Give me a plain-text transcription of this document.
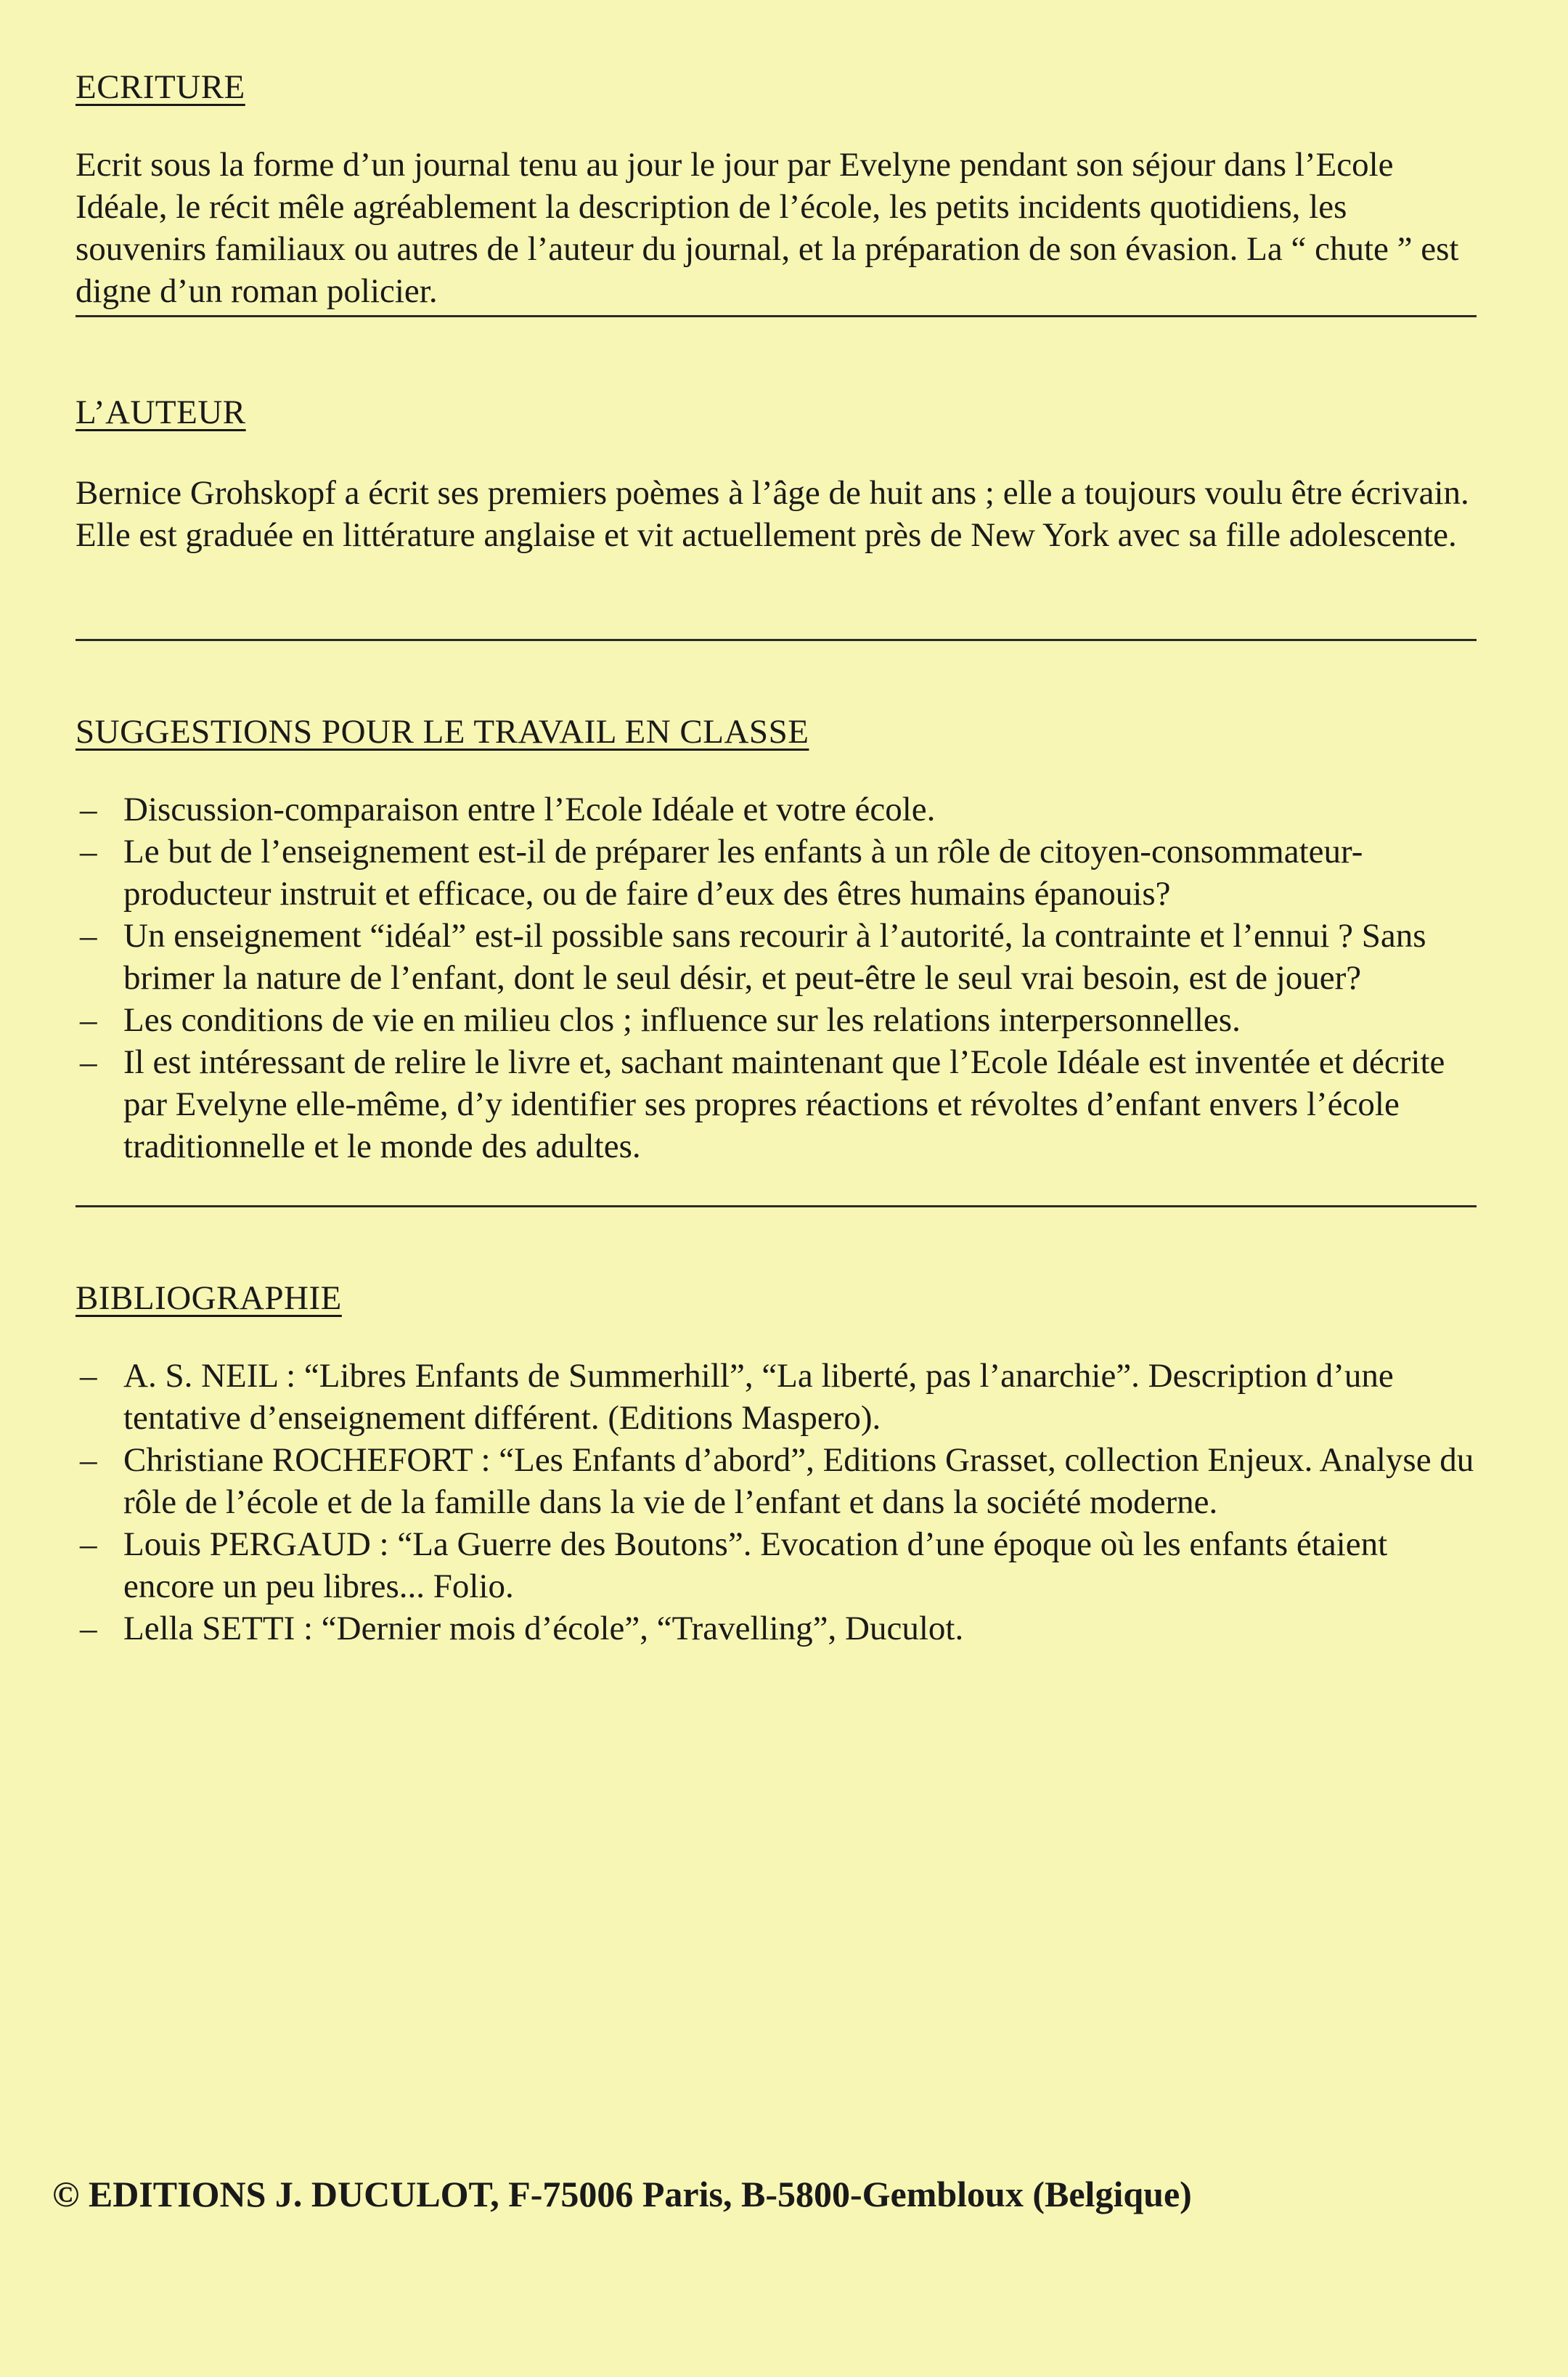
ECRITURE

Ecrit sous la forme d’un journal tenu au jour le jour par Evelyne pendant son séjour dans l’Ecole Idéale, le récit mêle agréablement la description de l’école, les petits incidents quotidiens, les souvenirs familiaux ou autres de l’auteur du journal, et la préparation de son évasion. La “ chute ” est digne d’un roman policier.

L’AUTEUR

Bernice Grohskopf a écrit ses premiers poèmes à l’âge de huit ans ; elle a toujours voulu être écrivain.

Elle est graduée en littérature anglaise et vit actuellement près de New York avec sa fille adolescente.

SUGGESTIONS POUR LE TRAVAIL EN CLASSE
– Discussion-comparaison entre l’Ecole Idéale et votre école.
– Le but de l’enseignement est-il de préparer les enfants à un rôle de citoyen-consommateur-producteur instruit et efficace, ou de faire d’eux des êtres humains épanouis?
– Un enseignement “idéal” est-il possible sans recourir à l’autorité, la contrainte et l’ennui ? Sans brimer la nature de l’enfant, dont le seul désir, et peut-être le seul vrai besoin, est de jouer?
– Les conditions de vie en milieu clos ; influence sur les relations interpersonnelles.
– Il est intéressant de relire le livre et, sachant maintenant que l’Ecole Idéale est inventée et décrite par Evelyne elle-même, d’y identifier ses propres réactions et révoltes d’enfant envers l’école traditionnelle et le monde des adultes.
BIBLIOGRAPHIE
– A. S. NEIL : “Libres Enfants de Summerhill”, “La liberté, pas l’anarchie”. Description d’une tentative d’enseignement différent. (Editions Maspero).
– Christiane ROCHEFORT : “Les Enfants d’abord”, Editions Grasset, collection Enjeux. Analyse du rôle de l’école et de la famille dans la vie de l’enfant et dans la société moderne.
– Louis PERGAUD : “La Guerre des Boutons”. Evocation d’une époque où les enfants étaient encore un peu libres... Folio.
– Lella SETTI : “Dernier mois d’école”, “Travelling”, Duculot.
© EDITIONS J. DUCULOT, F-75006 Paris, B-5800-Gembloux (Belgique)
